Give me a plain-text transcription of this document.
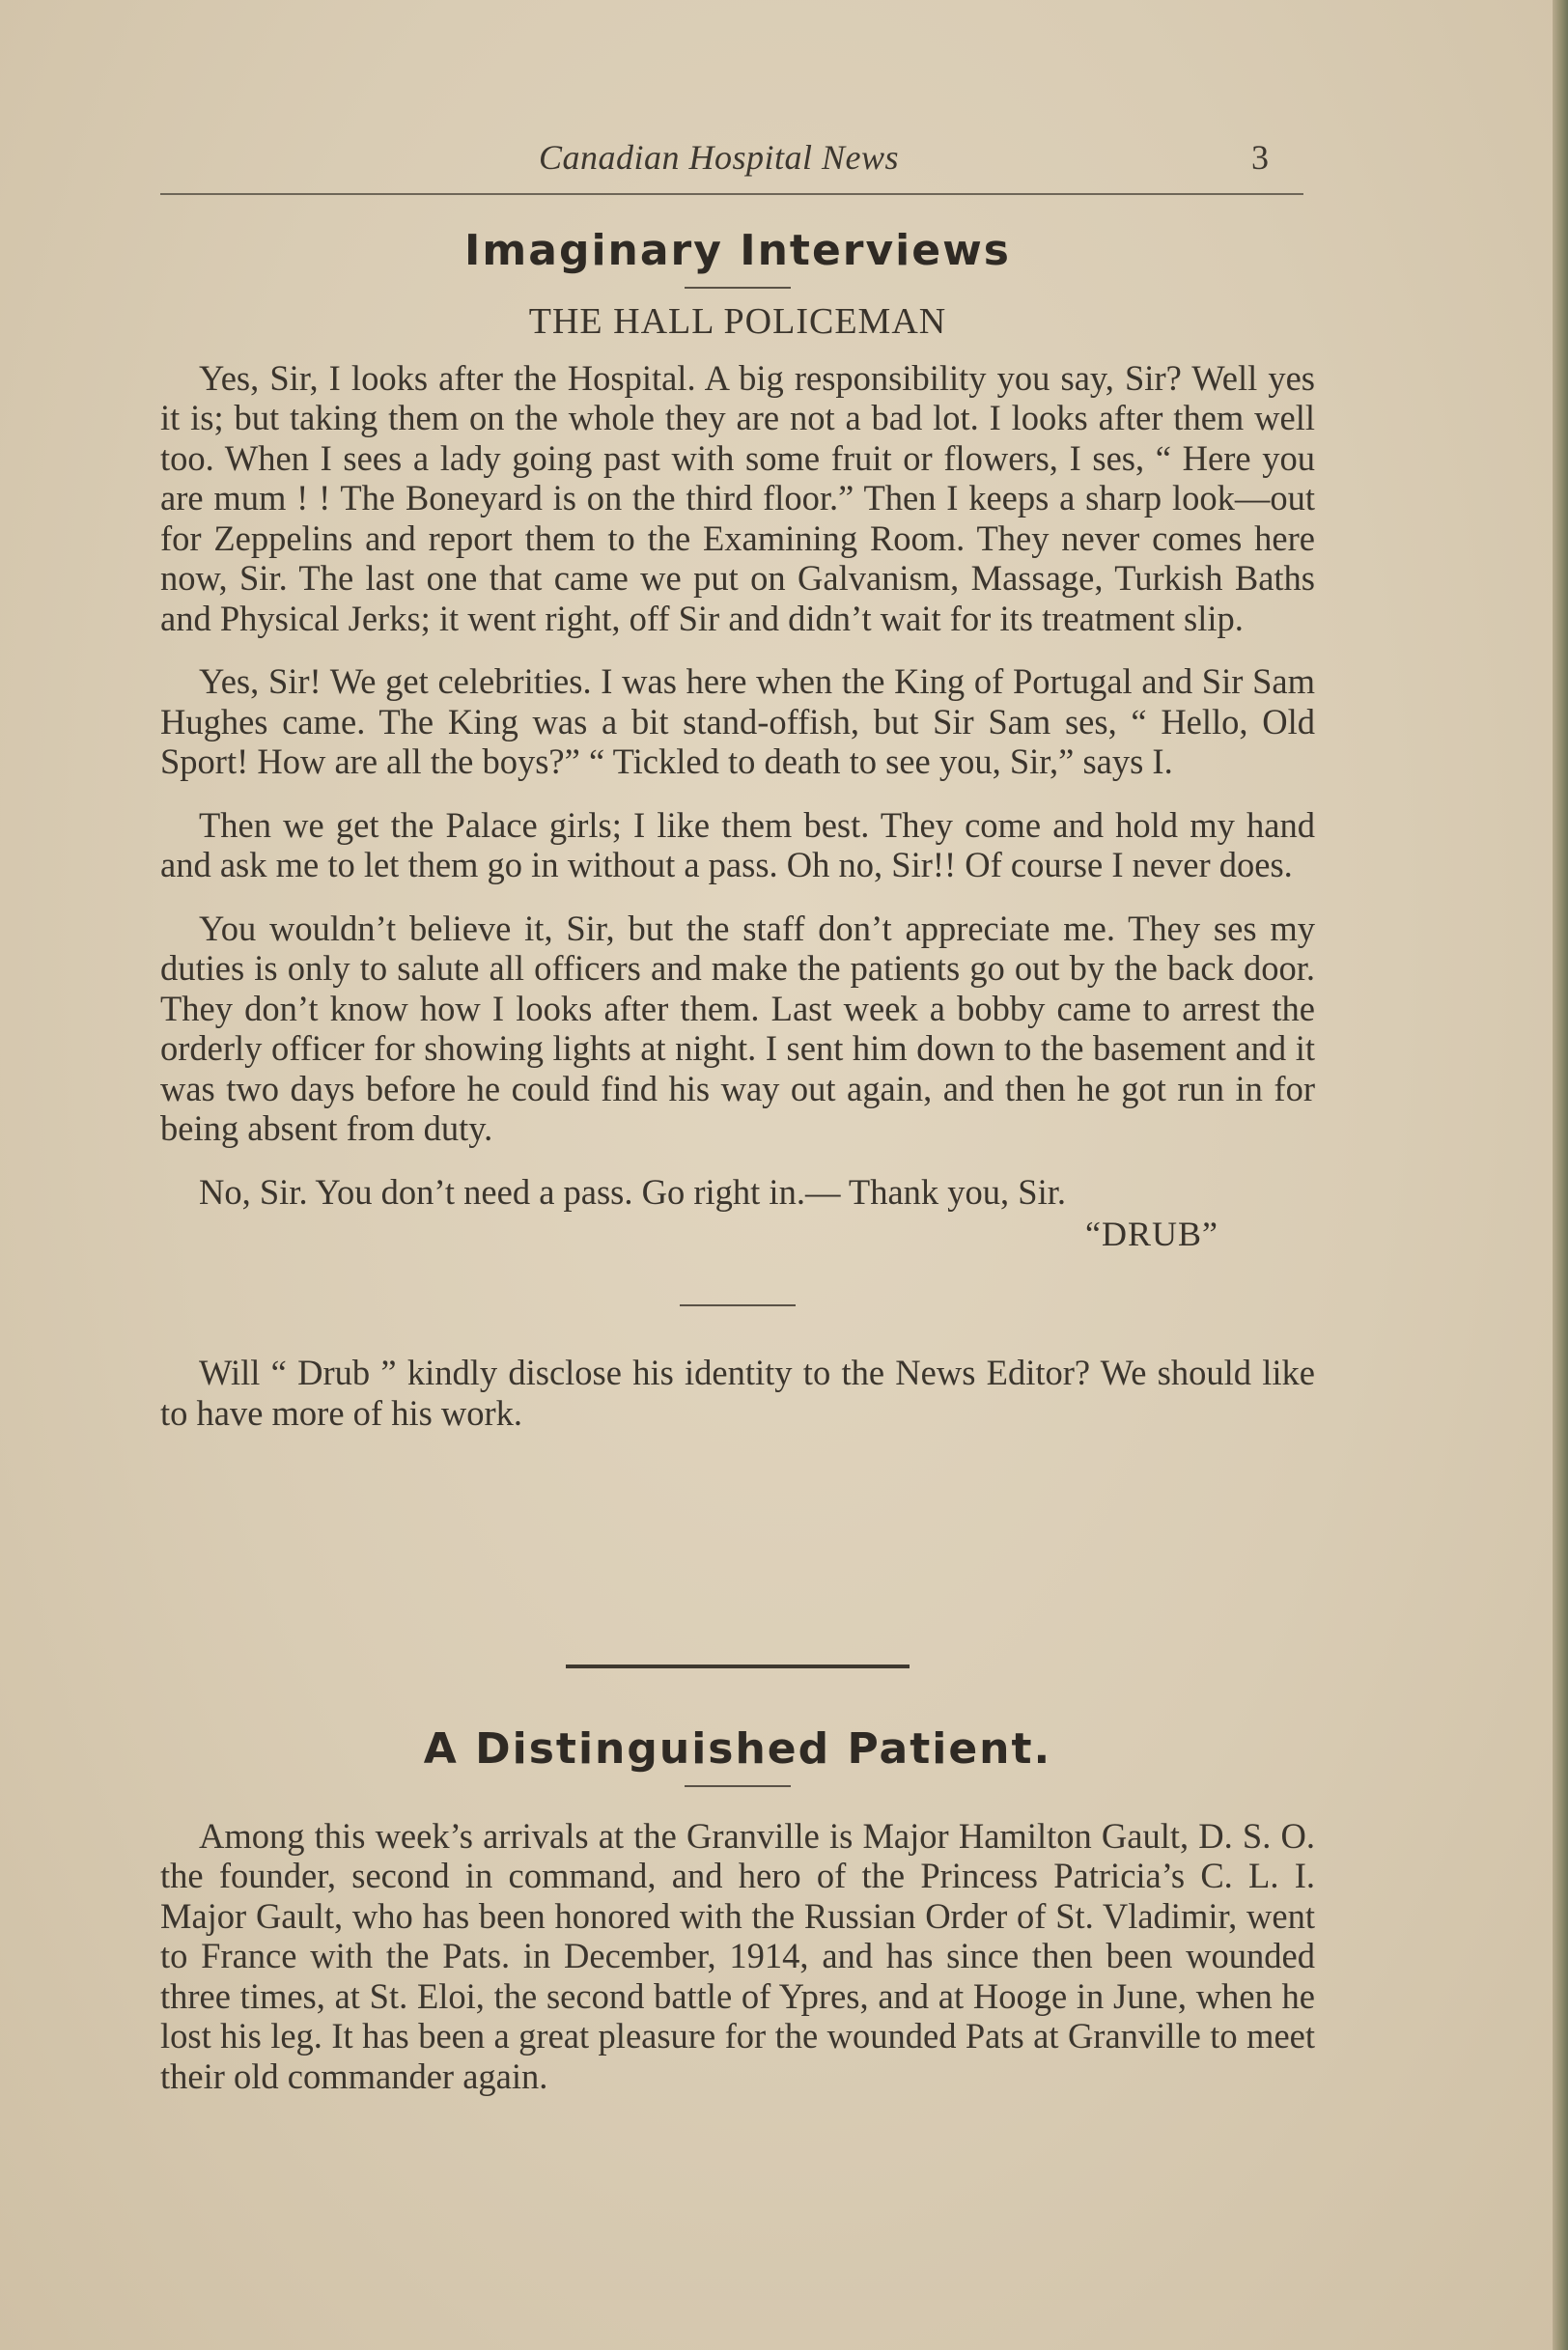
Canadian Hospital News	3
Imaginary Interviews
THE HALL POLICEMAN

Yes, Sir, I looks after the Hospital. A big responsibility you say, Sir? Well yes it is; but taking them on the whole they are not a bad lot. I looks after them well too. When I sees a lady going past with some fruit or flowers, I ses, “ Here you are mum ! ! The Boneyard is on the third floor.” Then I keeps a sharp look—out for Zeppelins and report them to the Examining Room. They never comes here now, Sir. The last one that came we put on Galvanism, Massage, Turkish Baths and Physical Jerks; it went right, off Sir and didn’t wait for its treatment slip.

Yes, Sir! We get celebrities. I was here when the King of Portugal and Sir Sam Hughes came. The King was a bit stand-offish, but Sir Sam ses, “ Hello, Old Sport! How are all the boys?” “ Tickled to death to see you, Sir,” says I.

Then we get the Palace girls; I like them best. They come and hold my hand and ask me to let them go in without a pass. Oh no, Sir!! Of course I never does.

You wouldn’t believe it, Sir, but the staff don’t appreciate me. They ses my duties is only to salute all officers and make the patients go out by the back door. They don’t know how I looks after them. Last week a bobby came to arrest the orderly officer for showing lights at night. I sent him down to the basement and it was two days before he could find his way out again, and then he got run in for being absent from duty.

No, Sir. You don’t need a pass. Go right in.— Thank you, Sir.

“DRUB”

Will “ Drub ” kindly disclose his identity to the News Editor? We should like to have more of his work.

A Distinguished Patient.

Among this week’s arrivals at the Granville is Major Hamilton Gault, D. S. O. the founder, second in command, and hero of the Princess Patricia’s C. L. I. Major Gault, who has been honored with the Russian Order of St. Vladimir, went to France with the Pats. in December, 1914, and has since then been wounded three times, at St. Eloi, the second battle of Ypres, and at Hooge in June, when he lost his leg. It has been a great pleasure for the wounded Pats at Granville to meet their old commander again.
